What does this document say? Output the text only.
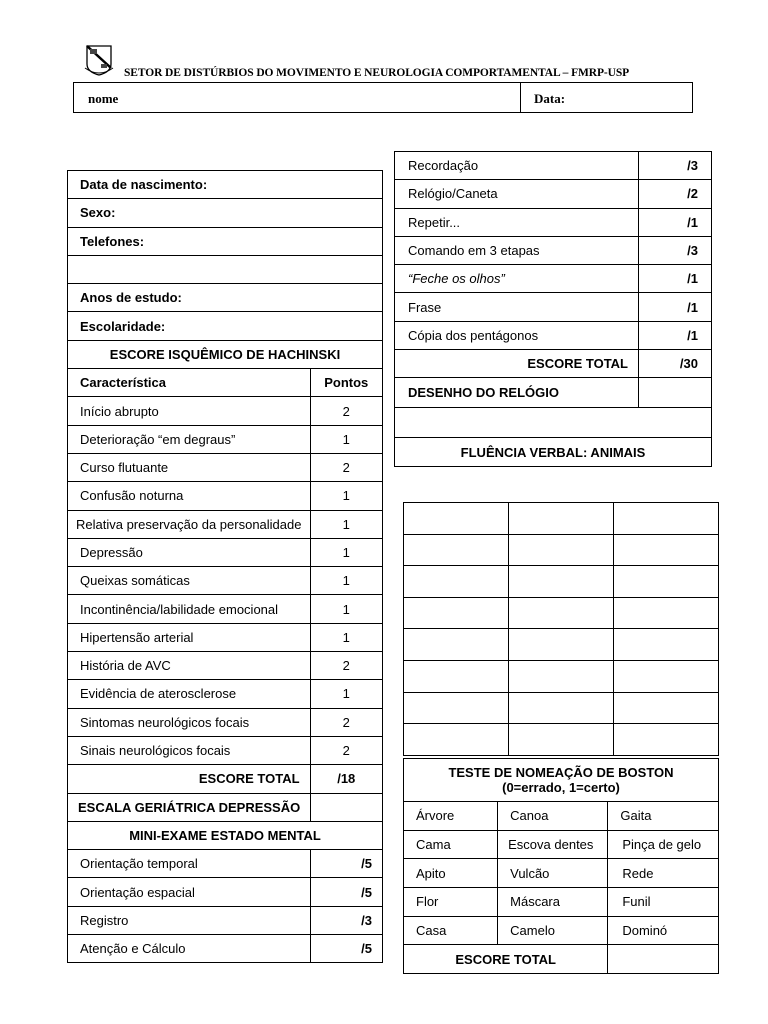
SETOR DE DISTÚRBIOS DO MOVIMENTO E NEUROLOGIA COMPORTAMENTAL – FMRP-USP
nome	Data:
Data de nascimento:	
Sexo:	
Telefones:	

Anos de estudo:	
Escolaridade:	
ESCORE ISQUÊMICO DE HACHINSKI	
Característica	Pontos
Início abrupto	2
Deterioração “em degraus”	1
Curso flutuante	2
Confusão noturna	1
Relativa preservação da personalidade	1
Depressão	1
Queixas somáticas	1
Incontinência/labilidade emocional	1
Hipertensão arterial	1
História de AVC	2
Evidência de aterosclerose	1
Sintomas neurológicos focais	2
Sinais neurológicos focais	2
ESCORE TOTAL	/18
ESCALA GERIÁTRICA DEPRESSÃO	
MINI-EXAME ESTADO MENTAL	
Orientação temporal	/5
Orientação espacial	/5
Registro	/3
Atenção e Cálculo	/5
Recordação	/3
Relógio/Caneta	/2
Repetir...	/1
Comando em 3 etapas	/3
“Feche os olhos”	/1
Frase	/1
Cópia dos pentágonos	/1
ESCORE TOTAL	/30
DESENHO DO RELÓGIO	

FLUÊNCIA VERBAL: ANIMAIS	

TESTE DE NOMEAÇÃO DE BOSTON
(0=errado, 1=certo)		

Árvore	Canoa	Gaita
Cama	Escova dentes	Pinça de gelo
Apito	Vulcão	Rede
Flor	Máscara	Funil
Casa	Camelo	Dominó
ESCORE TOTAL		
